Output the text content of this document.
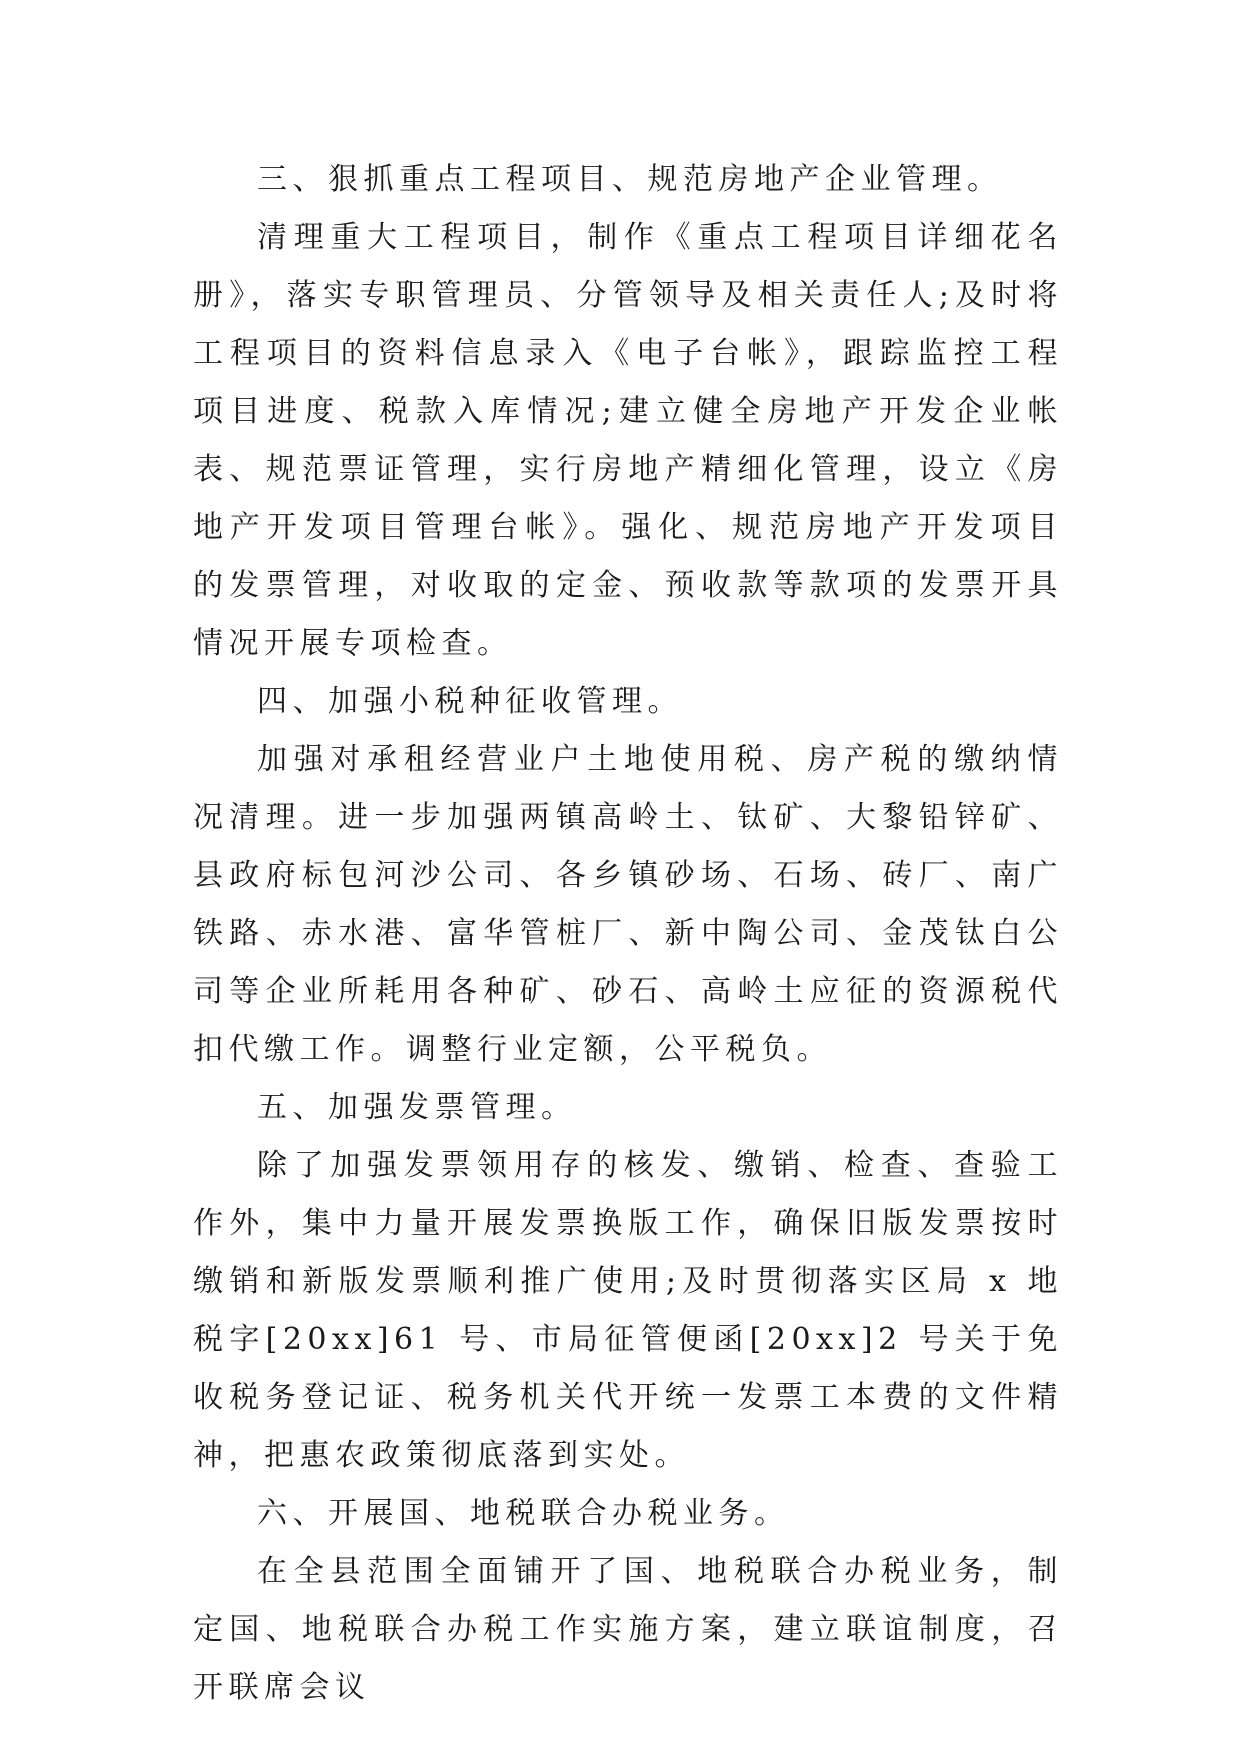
三、狠抓重点工程项目、规范房地产企业管理。

清理重大工程项目，制作《重点工程项目详细花名册》，落实专职管理员、分管领导及相关责任人;及时将工程项目的资料信息录入《电子台帐》，跟踪监控工程项目进度、税款入库情况;建立健全房地产开发企业帐表、规范票证管理，实行房地产精细化管理，设立《房地产开发项目管理台帐》。强化、规范房地产开发项目的发票管理，对收取的定金、预收款等款项的发票开具情况开展专项检查。

四、加强小税种征收管理。

加强对承租经营业户土地使用税、房产税的缴纳情况清理。进一步加强两镇高岭土、钛矿、大黎铅锌矿、县政府标包河沙公司、各乡镇砂场、石场、砖厂、南广铁路、赤水港、富华管桩厂、新中陶公司、金茂钛白公司等企业所耗用各种矿、砂石、高岭土应征的资源税代扣代缴工作。调整行业定额，公平税负。

五、加强发票管理。

除了加强发票领用存的核发、缴销、检查、查验工作外，集中力量开展发票换版工作，确保旧版发票按时缴销和新版发票顺利推广使用;及时贯彻落实区局 x 地税字[20xx]61 号、市局征管便函[20xx]2 号关于免收税务登记证、税务机关代开统一发票工本费的文件精神，把惠农政策彻底落到实处。

六、开展国、地税联合办税业务。

在全县范围全面铺开了国、地税联合办税业务，制定国、地税联合办税工作实施方案，建立联谊制度，召开联席会议
